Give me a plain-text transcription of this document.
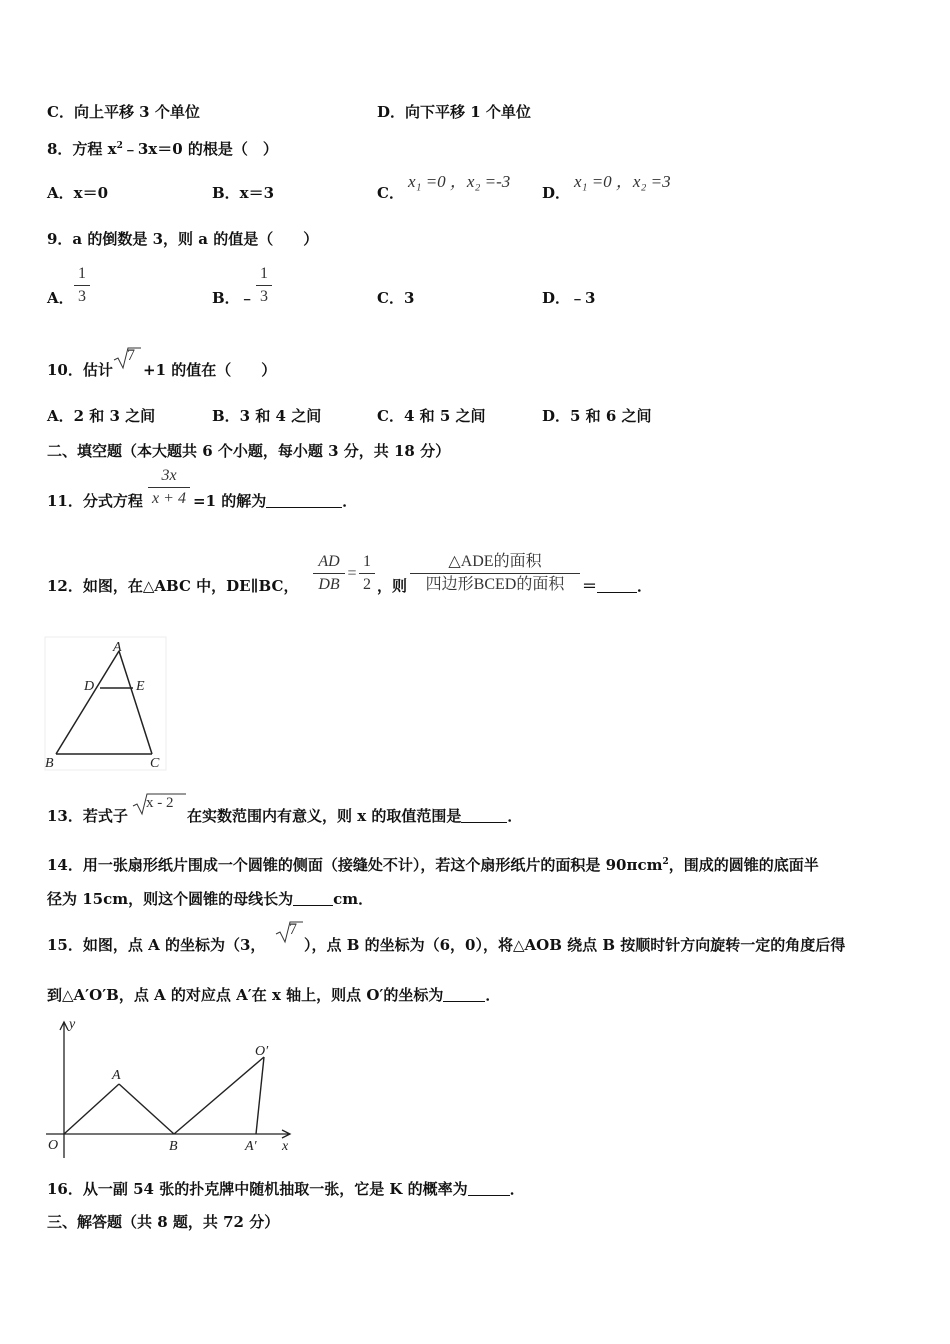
C．向上平移 3 个单位	D．向下平移 1 个单位
8．方程 $x^2﹣3x=0$ 的根是（　）
A．x＝0	B．x＝3	C．
x₁ =0 ，x₂ =-3
D．
x₁ =0 ，x₂ =3
9．a 的倒数是 3，则 a 的值是（　　）
A．
1
3	B．﹣
1
3	C．3	D．﹣3
10．估计
7
+1 的值在（　　）
A．2 和 3 之间	B．3 和 4 之间	C．4 和 5 之间	D．5 和 6 之间
二、填空题（本大题共 6 个小题，每小题 3 分，共 18 分）
11．分式方程
3x
x + 4 =1 的解为	．
12．如图，在△ABC 中，DE∥BC，
AD
DB
=
1
2 ，则
△ADE的面积
四边形BCED的面积	＝	．
A
D	E
B	C
13．若式子
x - 2
在实数范围内有意义，则 x 的取值范围是	．
14．用一张扇形纸片围成一个圆锥的侧面（接缝处不计），若这个扇形纸片的面积是 90πcm$^2$，围成的圆锥的底面半
径为 15cm，则这个圆锥的母线长为	cm．
15．如图，点 A 的坐标为（3，
7
），点 B 的坐标为（6，0），将△AOB 绕点 B 按顺时针方向旋转一定的角度后得
到△A′O′B，点 A 的对应点 A′在 x 轴上，则点 O′的坐标为	．
y
A
O′
O	B	A′ x
16．从一副 54 张的扑克牌中随机抽取一张，它是 K 的概率为	．
三、解答题（共 8 题，共 72 分）
